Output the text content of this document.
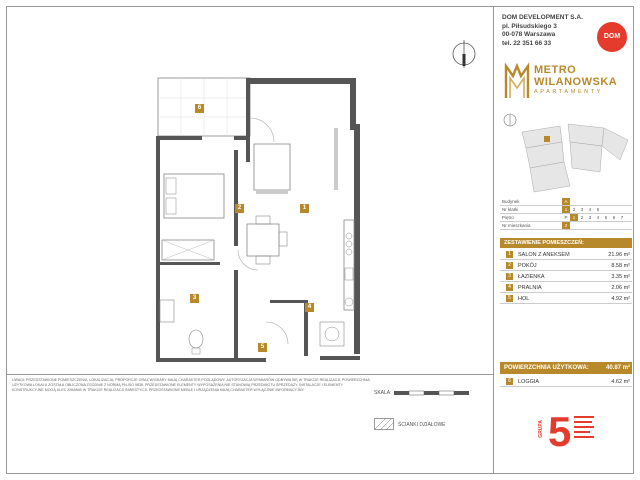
6
2	1
3
4
5
DOM DEVELOPMENT S.A.
pl. Piłsudskiego 3
00-078 Warszawa
tel. 22 351 66 33
DOM
METRO
WILANOWSKA
APARTAMENTY
Budynek	A
Nr klatki	1	2	3	4	5
Piętro	P	1	2	3	4	5	6	7
Nr mieszkania	2
ZESTAWIENIE POMIESZCZEŃ:
1	SALON Z ANEKSEM	21.96 m²
2	POKÓJ	8.58 m²
3	ŁAZIENKA	3.35 m²
4	PRALNIA	2.06 m²
5	HOL	4.92 m²
POWIERZCHNIA UŻYTKOWA:	40.87 m²
6	LOGGIA	4.62 m²
GRUPA 5
UWAGI: PRZEDSTAWIONE POMIESZCZENIA, LOKALIZACJA, PROPORCJE ORAZ WYMIARY MAJĄ CHARAKTER POGLĄDOWY. AUTORYZACJA WYMIARÓW ODBYWA SIĘ W TRAKCIE REALIZACJI. POWIERZCHNIA UŻYTKOWA LOKALU ZOSTAŁA OBLICZONA ZGODNIE Z NORMĄ PN-ISO 9836. PRZEDSTAWIONE ELEMENTY WYPOSAŻENIA NIE STANOWIĄ PRZEDMIOTU SPRZEDAŻY. INSTALACJE I ELEMENTY KONSTRUKCYJNE MOGĄ ULEC ZMIANIE W TRAKCIE REALIZACJI INWESTYCJI. PRZEDSTAWIONE MEBLE I URZĄDZENIA MAJĄ CHARAKTER WYŁĄCZNIE INFORMACYJNY.	SKALA:
ŚCIANKI DZIAŁOWE
